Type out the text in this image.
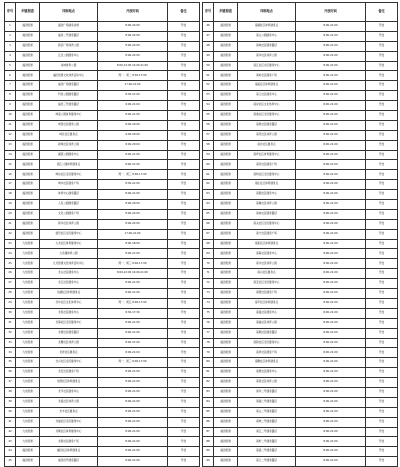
序号	乡镇街道	详细地点	开放时间	备注
1	福田街道	福田广场健身步道	8:00-22:00	开放
2	福田街道	福田二号健身路径	8:00-22:00	开放
3	福田街道	新区广场体育公园	8:00-22:00	开放
4	福田街道	江北公园健身中心	8:00-22:00	开放
5	福田街道	东城体育公园	8:00-12:00 14:00-21:00	开放
6	福田街道	福田街道文化体育活动中心	周一、周二 8:30-17:00	开放
7	福田街道	福田广场健身路径	17:00-21:00	开放
8	福田街道	科技公园健身路径	8:30-21:00	开放
9	福田街道	福田三号健身路径	9:00-21:00	开放
10	福田街道	城南公园体育健身中心	8:00-21:00	开放
11	福田街道	城西社区健身公园	8:00-20:00	开放
12	福田街道	城北社区健身点	9:00-20:00	开放
13	福田街道	新城社区体育公园	8:00-20:00	开放
14	福田街道	湖滨公园健身中心	8:00-21:00	开放
15	福田街道	滨江公园体育健身点	8:00-21:00	开放
16	福田街道	城东社区全民健身中心	周一、周三 8:00-17:00	开放
17	福田街道	城中社区健身广场	8:30-21:00	开放
18	福田街道	体育中心健身路径	8:00-21:00	开放
19	福田街道	人民公园健身路径	8:00-20:00	开放
20	福田街道	文化公园健身广场	8:00-22:00	开放
21	福田街道	新华社区体育公园	8:00-22:00	开放
22	福田街道	建设社区全民健身中心	17:00-21:00	开放
23	九龙街道	九龙社区体育健身中心	8:00-18:00	开放
24	九龙街道	九龙湖体育公园	8:00-21:00	开放
25	九龙街道	九龙街道文化体育活动中心	周一、周三 8:00-17:00	开放
26	九龙街道	龙山社区健身中心	8:00-12:00 14:00-21:00	开放
27	九龙街道	龙江社区健身中心	8:00-21:00	开放
28	九龙街道	龙湖社区体育健身点	8:00-21:00	开放
29	九龙街道	龙华社区文化体育中心	周一、周五 8:00-17:00	开放
30	九龙街道	龙泉社区健身中心	8:30-17:30	开放
31	九龙街道	龙海社区全民健身中心	8:00-21:00	开放
32	九龙街道	龙源社区健身路径	8:00-21:00	开放
33	九龙街道	龙腾社区体育公园	8:00-21:00	开放
34	九龙街道	龙祥社区健身点	8:00-21:00	开放
35	九龙街道	龙兴社区全民健身中心	周一、周三 8:00-17:00	开放
36	九龙街道	龙安社区健身广场	8:00-21:00	开放
37	九龙街道	龙德社区体育健身点	8:00-21:00	开放
38	九龙街道	龙平社区健身中心	8:00-21:00	开放
39	九龙街道	龙盛社区体育公园	8:00-21:00	开放
40	九龙街道	龙丰社区健身点	8:00-21:00	开放
41	九龙街道	龙福社区全民健身中心	8:00-21:00	开放
42	九龙街道	龙顺社区体育健身中心	8:00-21:00	开放
43	九龙街道	龙新社区健身广场	8:00-21:00	开放
44	福田街道	福田社区体育健身点	8:00-21:00	开放
45	福田街道	福田四号健身路径	8:00-21:00	开放
序号	乡镇街道	详细地点	开放时间	备注
46	福田街道	南湖社区体育健身点	8:00-21:00	开放
47	福田街道	南山公园健身中心	8:00-21:00	开放
48	福田街道	南城社区健身路径	8:00-21:00	开放
49	福田街道	南华社区体育公园	8:00-21:00	开放
50	福田街道	南江社区全民健身中心	8:00-21:00	开放
51	福田街道	南岭社区健身广场	8:00-21:00	开放
52	福田街道	南溪社区体育健身点	8:00-21:00	开放
53	福田街道	南门社区健身中心	8:00-21:00	开放
54	福田街道	南岸社区文化体育中心	8:00-21:00	开放
55	福田街道	南港社区全民健身中心	8:00-21:00	开放
56	福田街道	南屏社区健身路径	8:00-21:00	开放
57	福田街道	南苑社区体育公园	8:00-21:00	开放
58	福田街道	南台社区健身点	8:00-21:00	开放
59	福田街道	南坪社区体育健身中心	8:00-21:00	开放
60	福田街道	南亭社区健身广场	8:00-21:00	开放
61	福田街道	南桥社区全民健身中心	8:00-21:00	开放
62	福田街道	南庄社区体育健身点	8:00-21:00	开放
63	福田街道	南园社区健身中心	8:00-21:00	开放
64	福田街道	南塘社区体育公园	8:00-21:00	开放
65	福田街道	南林社区健身路径	8:00-21:00	开放
66	福田街道	南关社区全民健身中心	8:00-21:00	开放
67	福田街道	南宁社区健身广场	8:00-21:00	开放
68	福田街道	南星社区体育健身点	8:00-21:00	开放
69	福田街道	南海社区健身中心	8:00-21:00	开放
70	福田街道	南丰社区体育公园	8:00-21:00	开放
71	福田街道	南兴社区健身点	8:00-21:00	开放
72	福田街道	南安社区全民健身中心	8:00-21:00	开放
73	福田街道	南德社区健身广场	8:00-21:00	开放
74	福田街道	南平社区体育健身点	8:00-21:00	开放
75	福田街道	南盛社区健身中心	8:00-21:00	开放
76	福田街道	南福社区体育公园	8:00-21:00	开放
77	福田街道	南顺社区健身路径	8:00-21:00	开放
78	福田街道	南新社区全民健身中心	8:00-21:00	开放
79	福田街道	南祥社区健身广场	8:00-21:00	开放
80	福田街道	南腾社区体育健身点	8:00-21:00	开放
81	福田街道	南源社区健身中心	8:00-21:00	开放
82	福田街道	南泉社区体育公园	8:00-21:00	开放
83	福田街道	南华二号健身路径	8:00-21:00	开放
84	福田街道	南湖二号健身路径	8:00-21:00	开放
85	福田街道	南山二号健身路径	8:00-21:00	开放
86	福田街道	南城二号健身路径	8:00-21:00	开放
87	福田街道	南江二号健身路径	8:00-21:00	开放
88	福田街道	南岭二号健身路径	8:00-21:00	开放
89	福田街道	南溪二号健身路径	8:00-21:00	开放
90	福田街道	南门二号健身路径	8:00-21:00	开放
